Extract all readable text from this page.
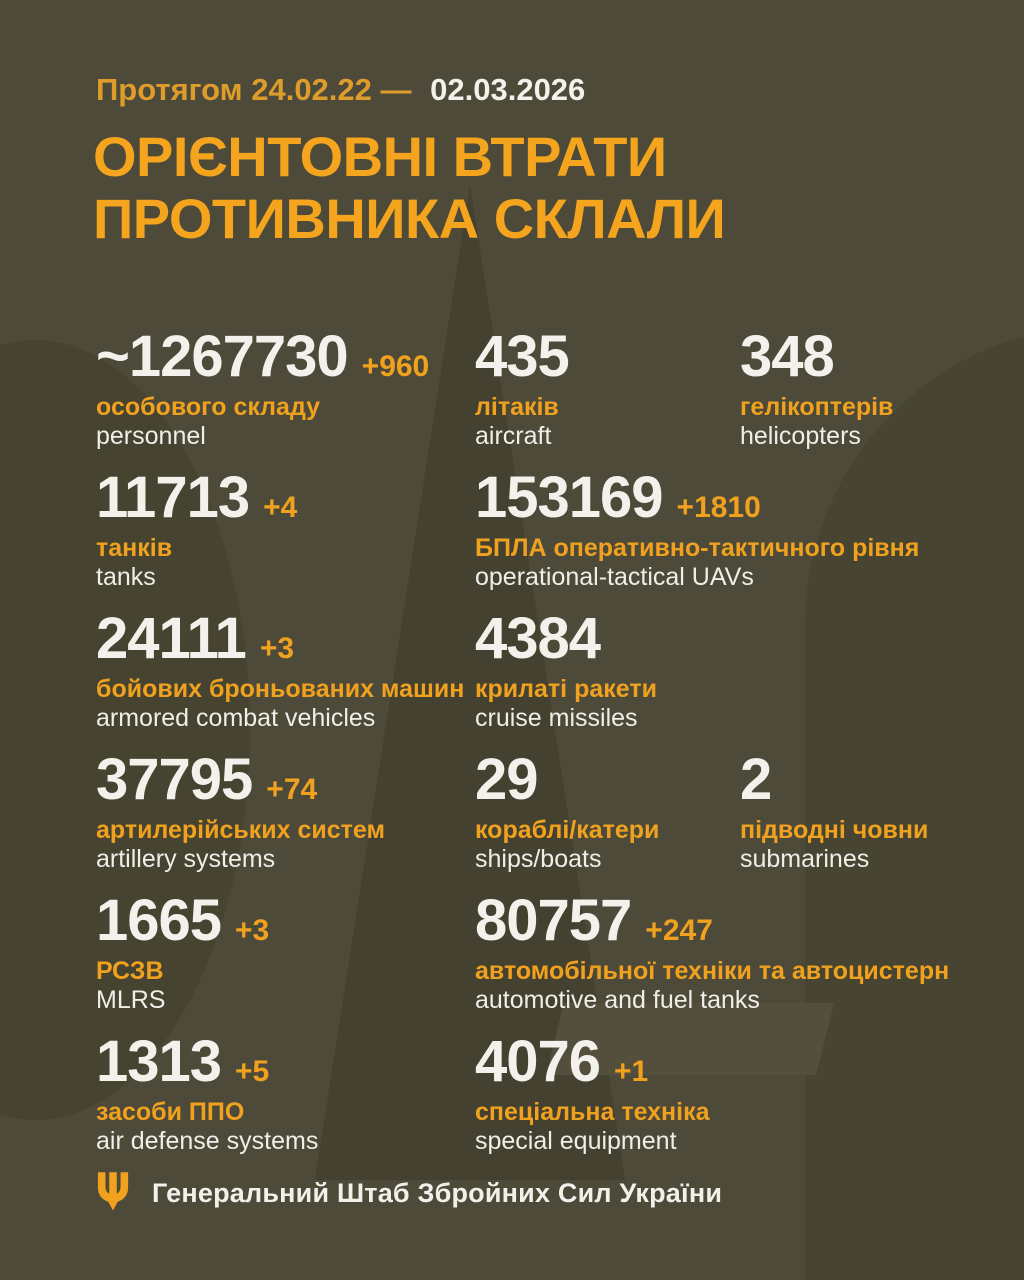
Протягом 24.02.22 — 02.03.2026
ОРІЄНТОВНІ ВТРАТИ
ПРОТИВНИКА СКЛАЛИ
~1267730 +960
особового складу
personnel
435
літаків
aircraft
348
гелікоптерів
helicopters
11713 +4
танків
tanks
153169 +1810
БПЛА оперативно-тактичного рівня
operational-tactical UAVs
24111 +3
бойових броньованих машин
armored combat vehicles
4384
крилаті ракети
cruise missiles
37795 +74
артилерійських систем
artillery systems
29
кораблі/катери
ships/boats
2
підводні човни
submarines
1665 +3
РСЗВ
MLRS
80757 +247
автомобільної техніки та автоцистерн
automotive and fuel tanks
1313 +5
засоби ППО
air defense systems
4076 +1
спеціальна техніка
special equipment
Генеральний Штаб Збройних Сил України
